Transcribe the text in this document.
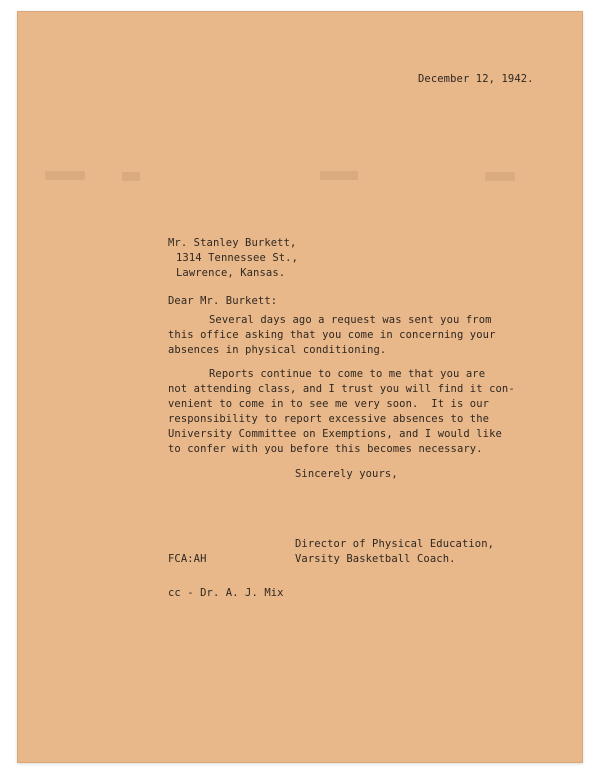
December 12, 1942.
Mr. Stanley Burkett,
1314 Tennessee St.,
Lawrence, Kansas.
Dear Mr. Burkett:
Several days ago a request was sent you from
this office asking that you come in concerning your
absences in physical conditioning.
Reports continue to come to me that you are
not attending class, and I trust you will find it con-
venient to come in to see me very soon.  It is our
responsibility to report excessive absences to the
University Committee on Exemptions, and I would like
to confer with you before this becomes necessary.
Sincerely yours,
Director of Physical Education,
Varsity Basketball Coach.
FCA:AH
cc - Dr. A. J. Mix
